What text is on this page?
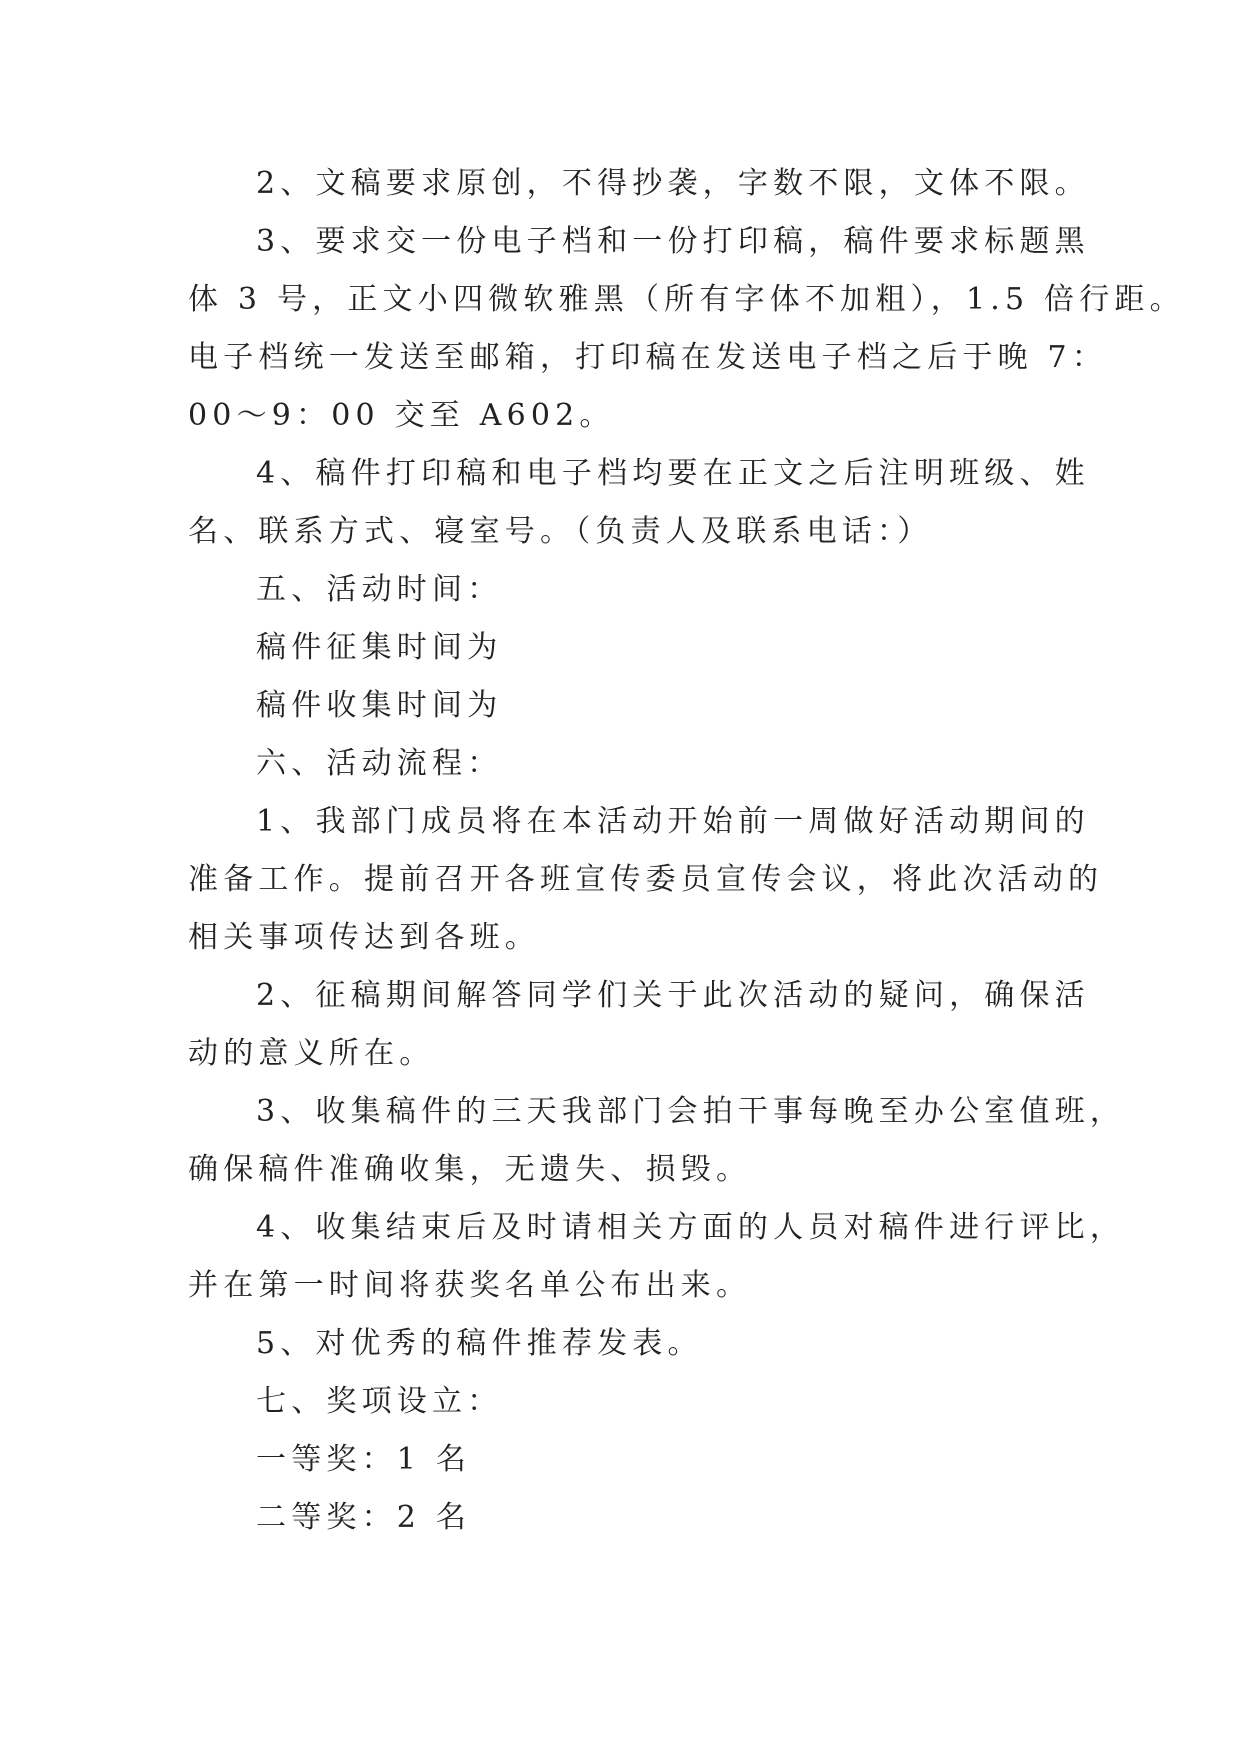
2、文稿要求原创，不得抄袭，字数不限，文体不限。
3、要求交一份电子档和一份打印稿，稿件要求标题黑
体 3 号，正文小四微软雅黑（所有字体不加粗），1.5 倍行距。
电子档统一发送至邮箱，打印稿在发送电子档之后于晚 7：
00～9：00 交至 A602。
4、稿件打印稿和电子档均要在正文之后注明班级、姓
名、联系方式、寝室号。（负责人及联系电话：）
五、活动时间：
稿件征集时间为
稿件收集时间为
六、活动流程：
1、我部门成员将在本活动开始前一周做好活动期间的
准备工作。提前召开各班宣传委员宣传会议，将此次活动的
相关事项传达到各班。
2、征稿期间解答同学们关于此次活动的疑问，确保活
动的意义所在。
3、收集稿件的三天我部门会拍干事每晚至办公室值班，
确保稿件准确收集，无遗失、损毁。
4、收集结束后及时请相关方面的人员对稿件进行评比，
并在第一时间将获奖名单公布出来。
5、对优秀的稿件推荐发表。
七、奖项设立：
一等奖：1 名
二等奖：2 名
